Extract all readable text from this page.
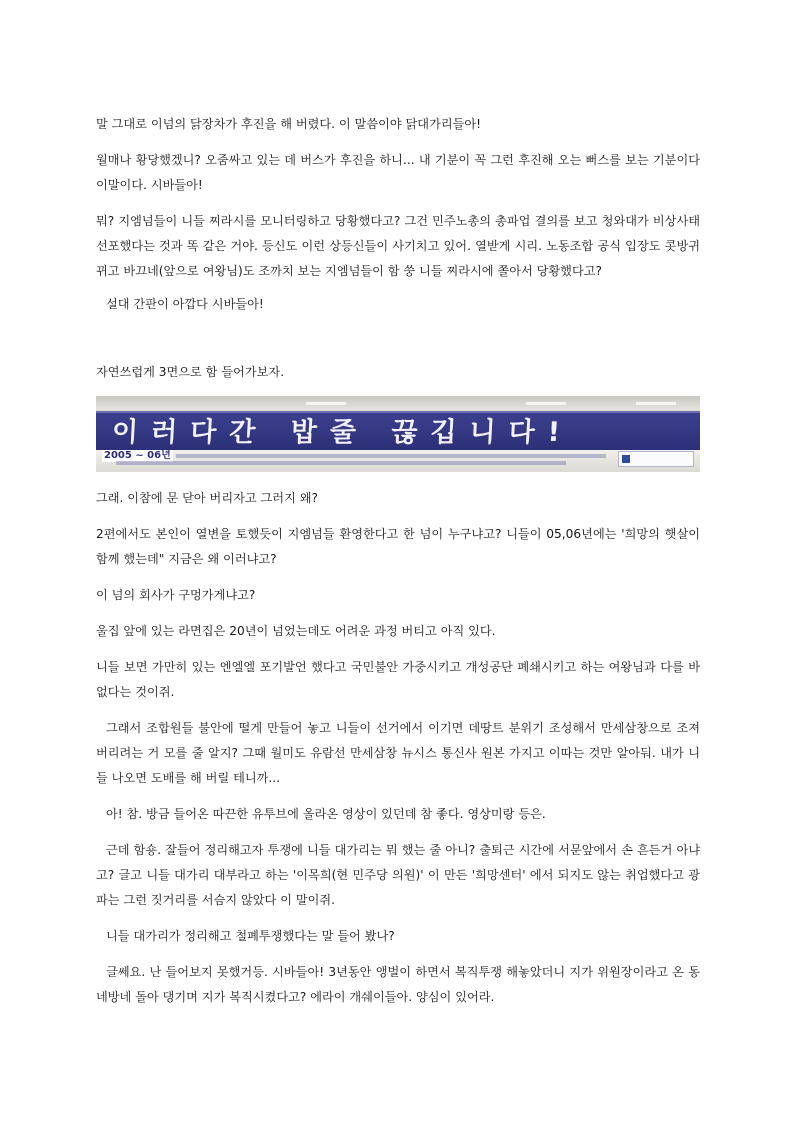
말 그대로 이넘의 닭장차가 후진을 해 버렸다. 이 말씀이야 닭대가리들아!

월매나 황당했겠니? 오줌싸고 있는 데 버스가 후진을 하니... 내 기분이 꼭 그런 후진해 오는 뻐스를 보는 기분이다 이말이다. 시바들아!

뭐? 지엠넘들이 니들 찌라시를 모니터링하고 당황했다고? 그건 민주노총의 총파업 결의를 보고 청와대가 비상사태 선포했다는 것과 똑 같은 거야. 등신도 이런 상등신들이 사기치고 있어. 열받게 시리. 노동조합 공식 입장도 콧방귀 뀌고 바끄네(앞으로 여왕님)도 조까치 보는 지엠넘들이 함 쑹 니들 찌라시에 쫄아서 당황했다고?

설대 간판이 아깝다 시바들아!

자연쓰럽게 3면으로 함 들어가보자.

이러다간 밥줄 끊깁니다!
2005 ~ 06년

그래. 이참에 문 닫아 버리자고 그러지 왜?

2편에서도 본인이 열변을 토했듯이 지엠넘들 환영한다고 한 넘이 누구냐고? 니들이 05,06년에는 '희망의 햇살이 함께 했는데" 지금은 왜 이러냐고?

이 넘의 회사가 구멍가게냐고?

울집 앞에 있는 라면집은 20년이 넘었는데도 어려운 과정 버티고 아직 있다.

니들 보면 가만히 있는 엔엘엘 포기발언 했다고 국민불안 가중시키고 개성공단 폐쇄시키고 하는 여왕님과 다를 바 없다는 것이쥐.

그래서 조합원들 불안에 떨게 만들어 놓고 니들이 선거에서 이기면 데땅트 분위기 조성해서 만세삼창으로 조져 버리려는 거 모를 줄 알지? 그때 월미도 유람선 만세삼창 뉴시스 통신사 원본 가지고 이따는 것만 알아둬. 내가 니들 나오면 도배를 해 버릴 테니까...

아! 참. 방금 들어온 따끈한 유투브에 올라온 영상이 있던데 참 좋다. 영상미랑 등은.

근데 함숑. 잘들어 정리해고자 투쟁에 니들 대가리는 뭐 했는 줄 아니? 출퇴근 시간에 서문앞에서 손 흔든거 아냐고? 글고 니들 대가리 대부라고 하는 '이목희(현 민주당 의원)' 이 만든 '희망센터' 에서 되지도 않는 취업했다고 광파는 그런 짓거리를 서슴지 않았다 이 말이쥐.

니들 대가리가 정리해고 철폐투쟁했다는 말 들어 봤나?

글쎄요. 난 들어보지 못했거등. 시바들아! 3년동안 앵벌이 하면서 복직투쟁 해놓았더니 지가 위원장이라고 온 동네방네 돌아 댕기며 지가 복직시켰다고? 에라이 개쉐이들아. 양심이 있어라.
